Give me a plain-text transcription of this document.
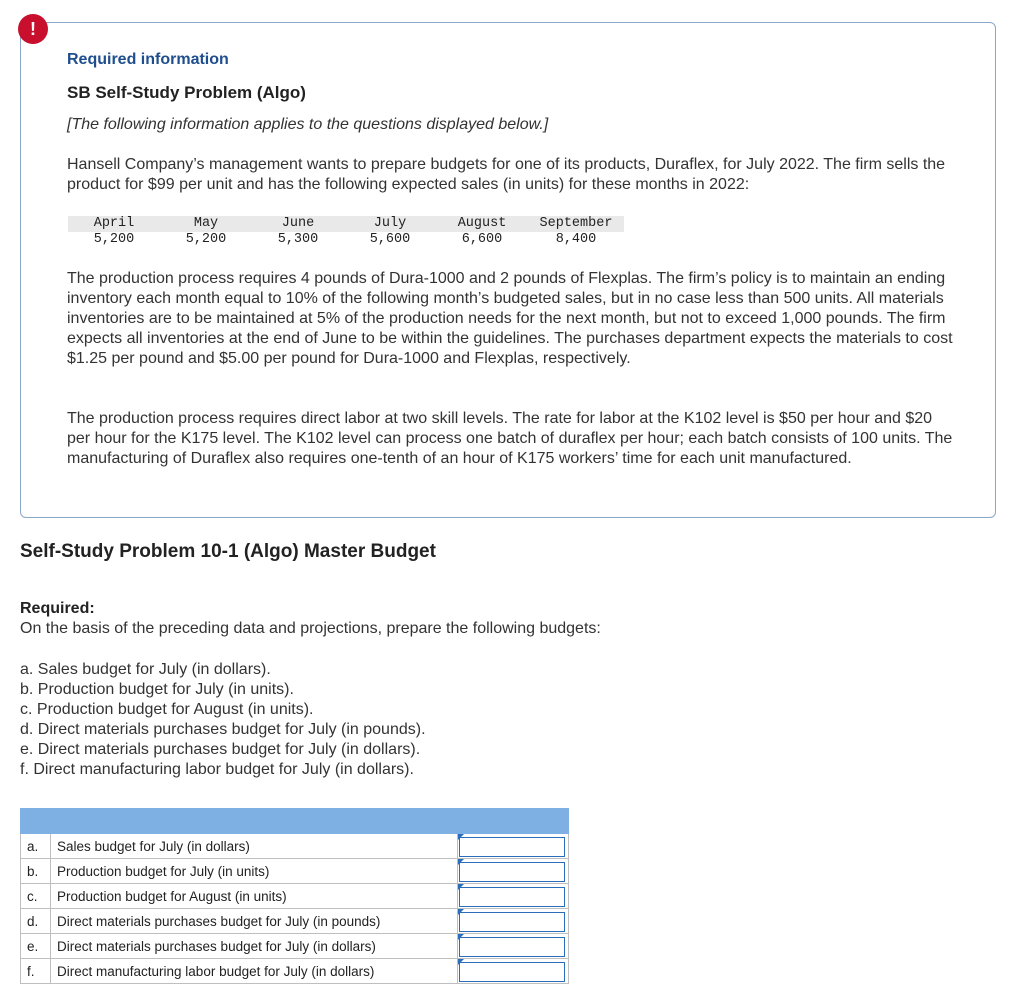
!
Required information
SB Self-Study Problem (Algo)
[The following information applies to the questions displayed below.]

Hansell Company’s management wants to prepare budgets for one of its products, Duraflex, for July 2022. The firm sells the product for $99 per unit and has the following expected sales (in units) for these months in 2022:

April	May	June	July	August	September
5,200	5,200	5,300	5,600	6,600	8,400

The production process requires 4 pounds of Dura-1000 and 2 pounds of Flexplas. The firm’s policy is to maintain an ending inventory each month equal to 10% of the following month’s budgeted sales, but in no case less than 500 units. All materials inventories are to be maintained at 5% of the production needs for the next month, but not to exceed 1,000 pounds. The firm expects all inventories at the end of June to be within the guidelines. The purchases department expects the materials to cost $1.25 per pound and $5.00 per pound for Dura-1000 and Flexplas, respectively.

The production process requires direct labor at two skill levels. The rate for labor at the K102 level is $50 per hour and $20 per hour for the K175 level. The K102 level can process one batch of duraflex per hour; each batch consists of 100 units. The manufacturing of Duraflex also requires one-tenth of an hour of K175 workers’ time for each unit manufactured.

Self-Study Problem 10-1 (Algo) Master Budget
Required:
On the basis of the preceding data and projections, prepare the following budgets:
a. Sales budget for July (in dollars).
b. Production budget for July (in units).
c. Production budget for August (in units).
d. Direct materials purchases budget for July (in pounds).
e. Direct materials purchases budget for July (in dollars).
f. Direct manufacturing labor budget for July (in dollars).

a.	Sales budget for July (in dollars)	

b.	Production budget for July (in units)	

c.	Production budget for August (in units)	

d.	Direct materials purchases budget for July (in pounds)	

e.	Direct materials purchases budget for July (in dollars)	

f.	Direct manufacturing labor budget for July (in dollars)	
